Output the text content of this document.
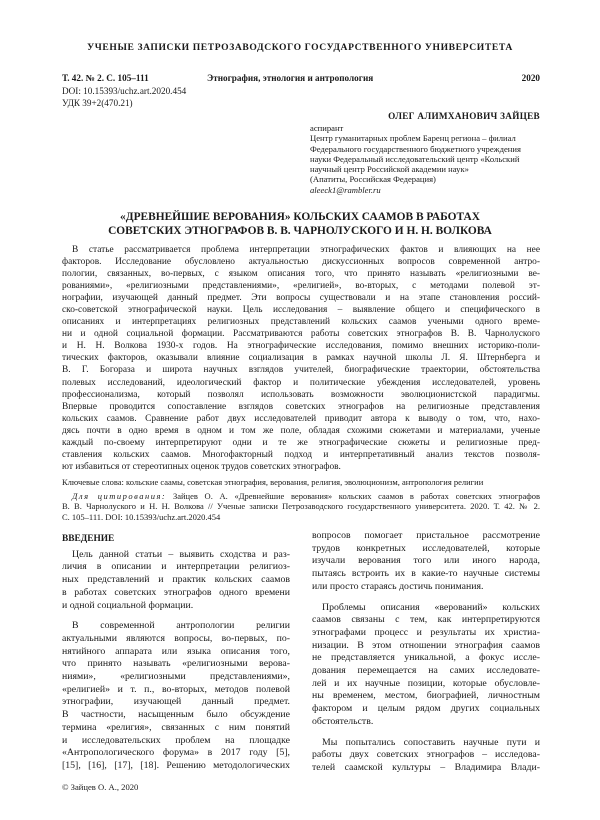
УЧЕНЫЕ ЗАПИСКИ ПЕТРОЗАВОДСКОГО ГОСУДАРСТВЕННОГО УНИВЕРСИТЕТА
Т. 42. № 2. С. 105–111	Этнография, этнология и антропология	2020
DOI: 10.15393/uchz.art.2020.454
УДК 39+2(470.21)
ОЛЕГ АЛИМХАНОВИЧ ЗАЙЦЕВ
аспирант
Центр гуманитарных проблем Баренц региона – филиал
Федерального государственного бюджетного учреждения
науки Федеральный исследовательский центр «Кольский
научный центр Российской академии наук»
(Апатиты, Российская Федерация)
aleeck1@rambler.ru
«ДРЕВНЕЙШИЕ ВЕРОВАНИЯ» КОЛЬСКИХ СААМОВ В РАБОТАХ
СОВЕТСКИХ ЭТНОГРАФОВ В. В. ЧАРНОЛУСКОГО И Н. Н. ВОЛКОВА
В статье рассматривается проблема интерпретации этнографических фактов и влияющих на нее
факторов. Исследование обусловлено актуальностью дискуссионных вопросов современной антро-
пологии, связанных, во-первых, с языком описания того, что принято называть «религиозными ве-
рованиями», «религиозными представлениями», «религией», во-вторых, с методами полевой эт-
нографии, изучающей данный предмет. Эти вопросы существовали и на этапе становления россий-
ско-советской этнографической науки. Цель исследования – выявление общего и специфического в
описаниях и интерпретациях религиозных представлений кольских саамов учеными одного време-
ни и одной социальной формации. Рассматриваются работы советских этнографов В. В. Чарнолуского
и Н. Н. Волкова 1930-х годов. На этнографические исследования, помимо внешних историко-поли-
тических факторов, оказывали влияние социализация в рамках научной школы Л. Я. Штернберга и
В. Г. Богораза и широта научных взглядов учителей, биографические траектории, обстоятельства
полевых исследований, идеологический фактор и политические убеждения исследователей, уровень
профессионализма, который позволял использовать возможности эволюционистской парадигмы.
Впервые проводится сопоставление взглядов советских этнографов на религиозные представления
кольских саамов. Сравнение работ двух исследователей приводит автора к выводу о том, что, нахо-
дясь почти в одно время в одном и том же поле, обладая схожими сюжетами и материалами, ученые
каждый по-своему интерпретируют одни и те же этнографические сюжеты и религиозные пред-
ставления кольских саамов. Многофакторный подход и интерпретативный анализ текстов позволя-
ют избавиться от стереотипных оценок трудов советских этнографов.
Ключевые слова: кольские саамы, советская этнография, верования, религия, эволюционизм, антропология религии
Для цитирования: Зайцев О. А. «Древнейшие верования» кольских саамов в работах советских этнографов
В. В. Чарнолуского и Н. Н. Волкова // Ученые записки Петрозаводского государственного университета. 2020. Т. 42. № 2.
С. 105–111. DOI: 10.15393/uchz.art.2020.454
ВВЕДЕНИЕ
Цель данной статьи – выявить сходства и раз-
личия в описании и интерпретации религиоз-
ных представлений и практик кольских саамов
в работах советских этнографов одного времени
и одной социальной формации.
В современной антропологии религии
актуальными являются вопросы, во-первых, по-
нятийного аппарата или языка описания того,
что принято называть «религиозными верова-
ниями», «религиозными представлениями»,
«религией» и т. п., во-вторых, методов полевой
этнографии, изучающей данный предмет.
В частности, насыщенным было обсуждение
термина «религия», связанных с ним понятий
и исследовательских проблем на площадке
«Антропологического форума» в 2017 году [5],
[15], [16], [17], [18]. Решению методологических
вопросов помогает пристальное рассмотрение
трудов конкретных исследователей, которые
изучали верования того или иного народа,
пытаясь встроить их в какие-то научные системы
или просто стараясь достичь понимания.
Проблемы описания «верований» кольских
саамов связаны с тем, как интерпретируются
этнографами процесс и результаты их христиа-
низации. В этом отношении этнография саамов
не представляется уникальной, а фокус иссле-
дования перемещается на самих исследовате-
лей и их научные позиции, которые обусловле-
ны временем, местом, биографией, личностным
фактором и целым рядом других социальных
обстоятельств.
Мы попытались сопоставить научные пути и
работы двух советских этнографов – исследова-
телей саамской культуры – Владимира Влади-
© Зайцев О. А., 2020
